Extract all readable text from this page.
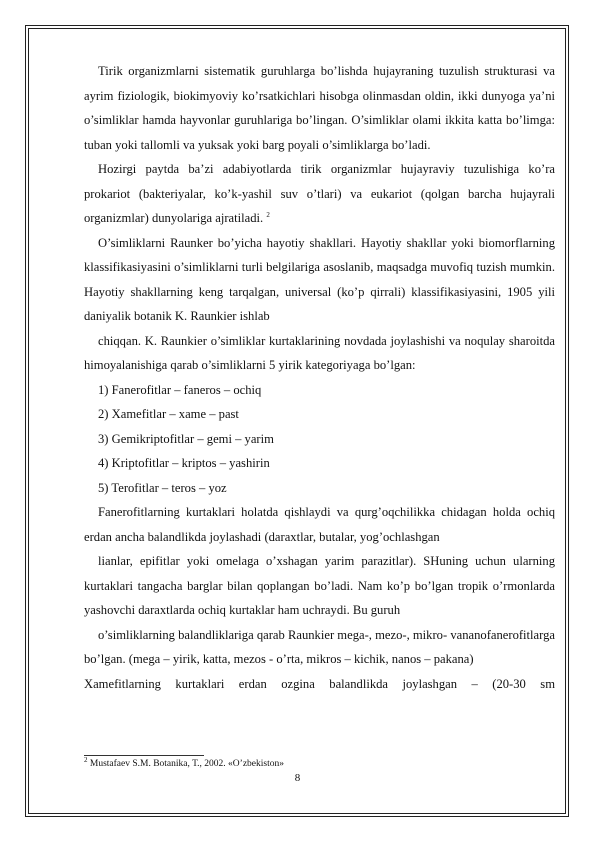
Tirik organizmlarni sistematik guruhlarga bo’lishda hujayraning tuzulish strukturasi va ayrim fiziologik, biokimyoviy ko’rsatkichlari hisobga olinmasdan oldin, ikki dunyoga ya’ni o’simliklar hamda hayvonlar guruhlariga bo’lingan. O’simliklar olami ikkita katta bo’limga: tuban yoki tallomli va yuksak yoki barg poyali o’simliklarga bo’ladi.

Hozirgi paytda ba’zi adabiyotlarda tirik organizmlar hujayraviy tuzulishiga ko’ra prokariot (bakteriyalar, ko’k-yashil suv o’tlari) va eukariot (qolgan barcha hujayrali organizmlar) dunyolariga ajratiladi. $^2$

O’simliklarni Raunker bo’yicha hayotiy shakllari. Hayotiy shakllar yoki biomorflarning klassifikasiyasini o’simliklarni turli belgilariga asoslanib, maqsadga muvofiq tuzish mumkin. Hayotiy shakllarning keng tarqalgan, universal (ko’p qirrali) klassifikasiyasini, 1905 yili daniyalik botanik K. Raunkier ishlab

chiqqan. K. Raunkier o’simliklar kurtaklarining novdada joylashishi va noqulay sharoitda himoyalanishiga qarab o’simliklarni 5 yirik kategoriyaga bo’lgan:

1) Fanerofitlar – faneros – ochiq

2) Xamefitlar – xame – past

3) Gemikriptofitlar – gemi – yarim

4) Kriptofitlar – kriptos – yashirin

5) Terofitlar – teros – yoz

Fanerofitlarning kurtaklari holatda qishlaydi va qurg’oqchilikka chidagan holda ochiq erdan ancha balandlikda joylashadi (daraxtlar, butalar, yog’ochlashgan

lianlar, epifitlar yoki omelaga o’xshagan yarim parazitlar). SHuning uchun ularning kurtaklari tangacha barglar bilan qoplangan bo’ladi. Nam ko’p bo’lgan tropik o’rmonlarda yashovchi daraxtlarda ochiq kurtaklar ham uchraydi. Bu guruh

o’simliklarning balandliklariga qarab Raunkier mega-, mezo-, mikro- vananofanerofitlarga bo’lgan. (mega – yirik, katta, mezos - o’rta, mikros – kichik, nanos – pakana)

Xamefitlarning kurtaklari erdan ozgina balandlikda joylashgan – (20-30 sm

$^2$ Mustafaev S.M. Botanika, T., 2002. «O’zbekiston»
8
